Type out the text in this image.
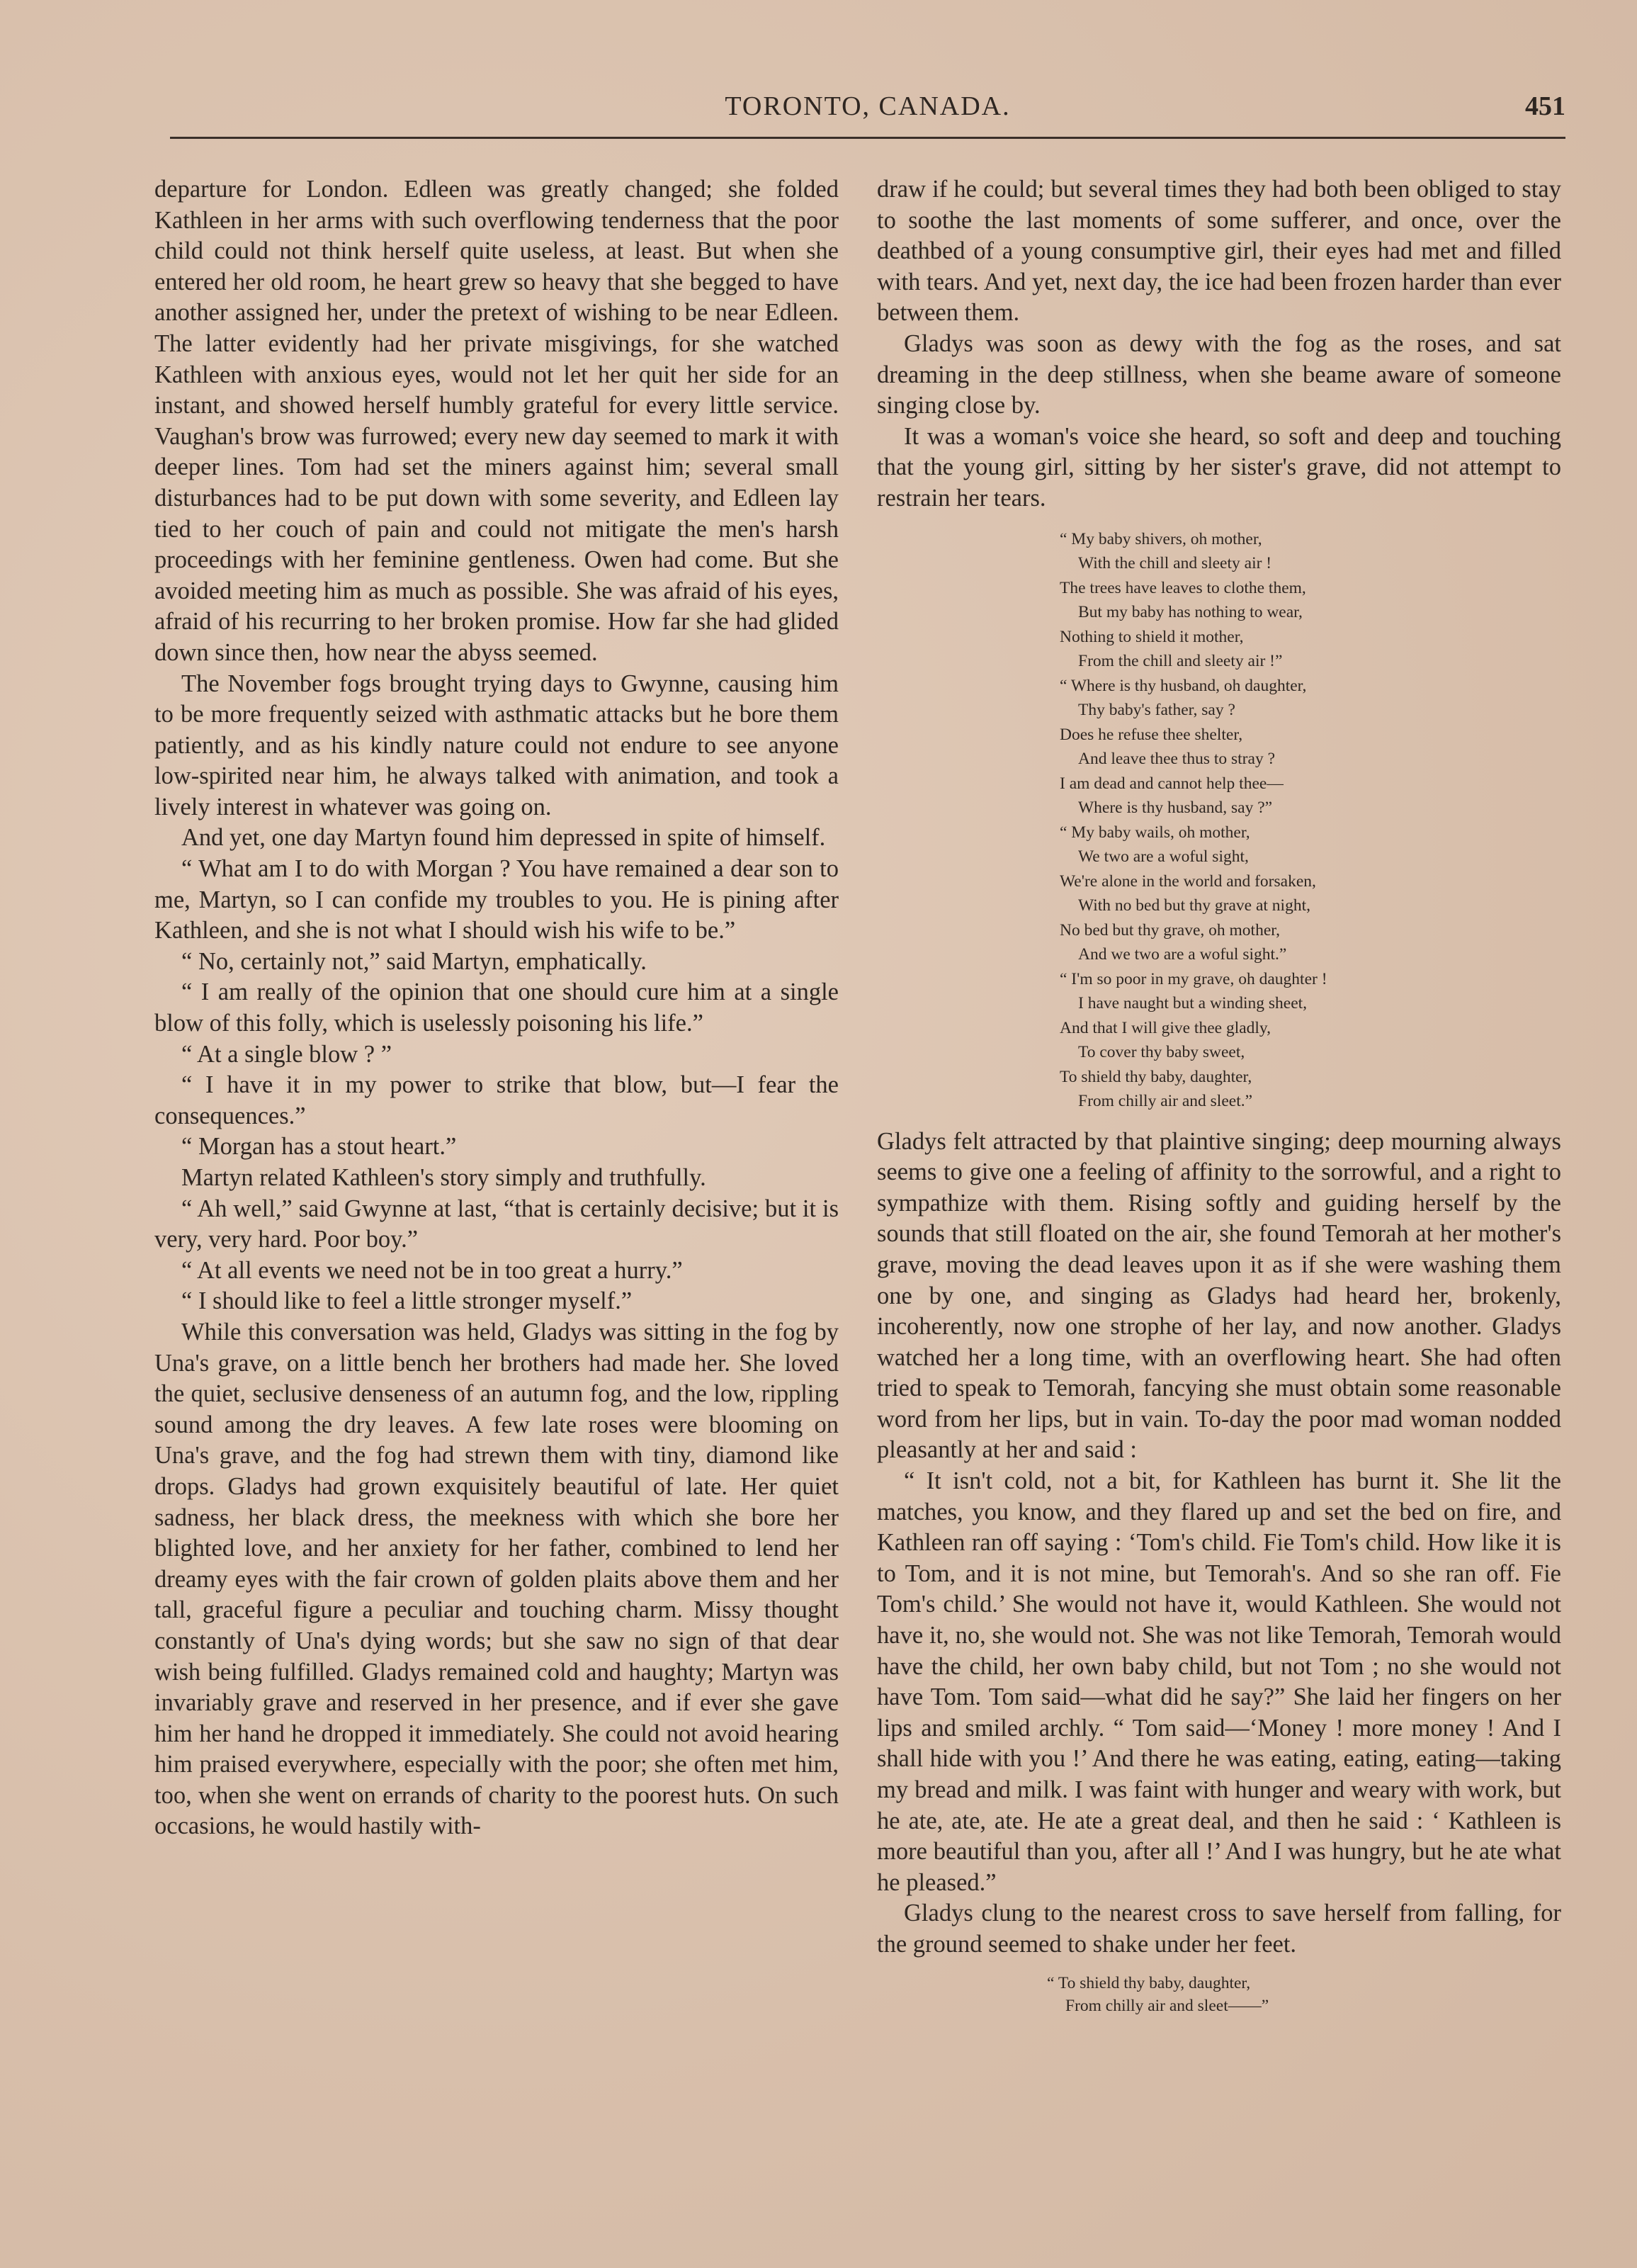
TORONTO, CANADA.	451

departure for London. Edleen was greatly changed; she folded Kathleen in her arms with such overflowing tenderness that the poor child could not think herself quite useless, at least. But when she entered her old room, he heart grew so heavy that she begged to have another assigned her, under the pretext of wishing to be near Edleen. The latter evidently had her private misgivings, for she watched Kathleen with anxious eyes, would not let her quit her side for an instant, and showed herself humbly grateful for every little service. Vaughan's brow was furrowed; every new day seemed to mark it with deeper lines. Tom had set the miners against him; several small disturbances had to be put down with some severity, and Edleen lay tied to her couch of pain and could not mitigate the men's harsh proceedings with her feminine gentleness. Owen had come. But she avoided meeting him as much as possible. She was afraid of his eyes, afraid of his recurring to her broken promise. How far she had glided down since then, how near the abyss seemed.

The November fogs brought trying days to Gwynne, causing him to be more frequently seized with asthmatic attacks but he bore them patiently, and as his kindly nature could not endure to see anyone low-spirited near him, he always talked with animation, and took a lively interest in whatever was going on.

And yet, one day Martyn found him depressed in spite of himself.

“ What am I to do with Morgan ? You have remained a dear son to me, Martyn, so I can confide my troubles to you. He is pining after Kathleen, and she is not what I should wish his wife to be.”

“ No, certainly not,” said Martyn, emphatically.

“ I am really of the opinion that one should cure him at a single blow of this folly, which is uselessly poisoning his life.”

“ At a single blow ? ”

“ I have it in my power to strike that blow, but—I fear the consequences.”

“ Morgan has a stout heart.”

Martyn related Kathleen's story simply and truthfully.

“ Ah well,” said Gwynne at last, “that is certainly decisive; but it is very, very hard. Poor boy.”

“ At all events we need not be in too great a hurry.”

“ I should like to feel a little stronger myself.”

While this conversation was held, Gladys was sitting in the fog by Una's grave, on a little bench her brothers had made her. She loved the quiet, seclusive denseness of an autumn fog, and the low, rippling sound among the dry leaves. A few late roses were blooming on Una's grave, and the fog had strewn them with tiny, diamond like drops. Gladys had grown exquisitely beautiful of late. Her quiet sadness, her black dress, the meekness with which she bore her blighted love, and her anxiety for her father, combined to lend her dreamy eyes with the fair crown of golden plaits above them and her tall, graceful figure a peculiar and touching charm. Missy thought constantly of Una's dying words; but she saw no sign of that dear wish being fulfilled. Gladys remained cold and haughty; Martyn was invariably grave and reserved in her presence, and if ever she gave him her hand he dropped it immediately. She could not avoid hearing him praised everywhere, especially with the poor; she often met him, too, when she went on errands of charity to the poorest huts. On such occasions, he would hastily with-

draw if he could; but several times they had both been obliged to stay to soothe the last moments of some sufferer, and once, over the deathbed of a young consumptive girl, their eyes had met and filled with tears. And yet, next day, the ice had been frozen harder than ever between them.

Gladys was soon as dewy with the fog as the roses, and sat dreaming in the deep stillness, when she beame aware of someone singing close by.

It was a woman's voice she heard, so soft and deep and touching that the young girl, sitting by her sister's grave, did not attempt to restrain her tears.

“ My baby shivers, oh mother,
With the chill and sleety air !
The trees have leaves to clothe them,
But my baby has nothing to wear,
Nothing to shield it mother,
From the chill and sleety air !”
“ Where is thy husband, oh daughter,
Thy baby's father, say ?
Does he refuse thee shelter,
And leave thee thus to stray ?
I am dead and cannot help thee—
Where is thy husband, say ?”
“ My baby wails, oh mother,
We two are a woful sight,
We're alone in the world and forsaken,
With no bed but thy grave at night,
No bed but thy grave, oh mother,
And we two are a woful sight.”
“ I'm so poor in my grave, oh daughter !
I have naught but a winding sheet,
And that I will give thee gladly,
To cover thy baby sweet,
To shield thy baby, daughter,
From chilly air and sleet.”

Gladys felt attracted by that plaintive singing; deep mourning always seems to give one a feeling of affinity to the sorrowful, and a right to sympathize with them. Rising softly and guiding herself by the sounds that still floated on the air, she found Temorah at her mother's grave, moving the dead leaves upon it as if she were washing them one by one, and singing as Gladys had heard her, brokenly, incoherently, now one strophe of her lay, and now another. Gladys watched her a long time, with an overflowing heart. She had often tried to speak to Temorah, fancying she must obtain some reasonable word from her lips, but in vain. To-day the poor mad woman nodded pleasantly at her and said :

“ It isn't cold, not a bit, for Kathleen has burnt it. She lit the matches, you know, and they flared up and set the bed on fire, and Kathleen ran off saying : ‘Tom's child. Fie Tom's child. How like it is to Tom, and it is not mine, but Temorah's. And so she ran off. Fie Tom's child.’ She would not have it, would Kathleen. She would not have it, no, she would not. She was not like Temorah, Temorah would have the child, her own baby child, but not Tom ; no she would not have Tom. Tom said—what did he say?” She laid her fingers on her lips and smiled archly. “ Tom said—‘Money ! more money ! And I shall hide with you !’ And there he was eating, eating, eating—taking my bread and milk. I was faint with hunger and weary with work, but he ate, ate, ate. He ate a great deal, and then he said : ‘ Kathleen is more beautiful than you, after all !’ And I was hungry, but he ate what he pleased.”

Gladys clung to the nearest cross to save herself from falling, for the ground seemed to shake under her feet.

“ To shield thy baby, daughter,
From chilly air and sleet——”
